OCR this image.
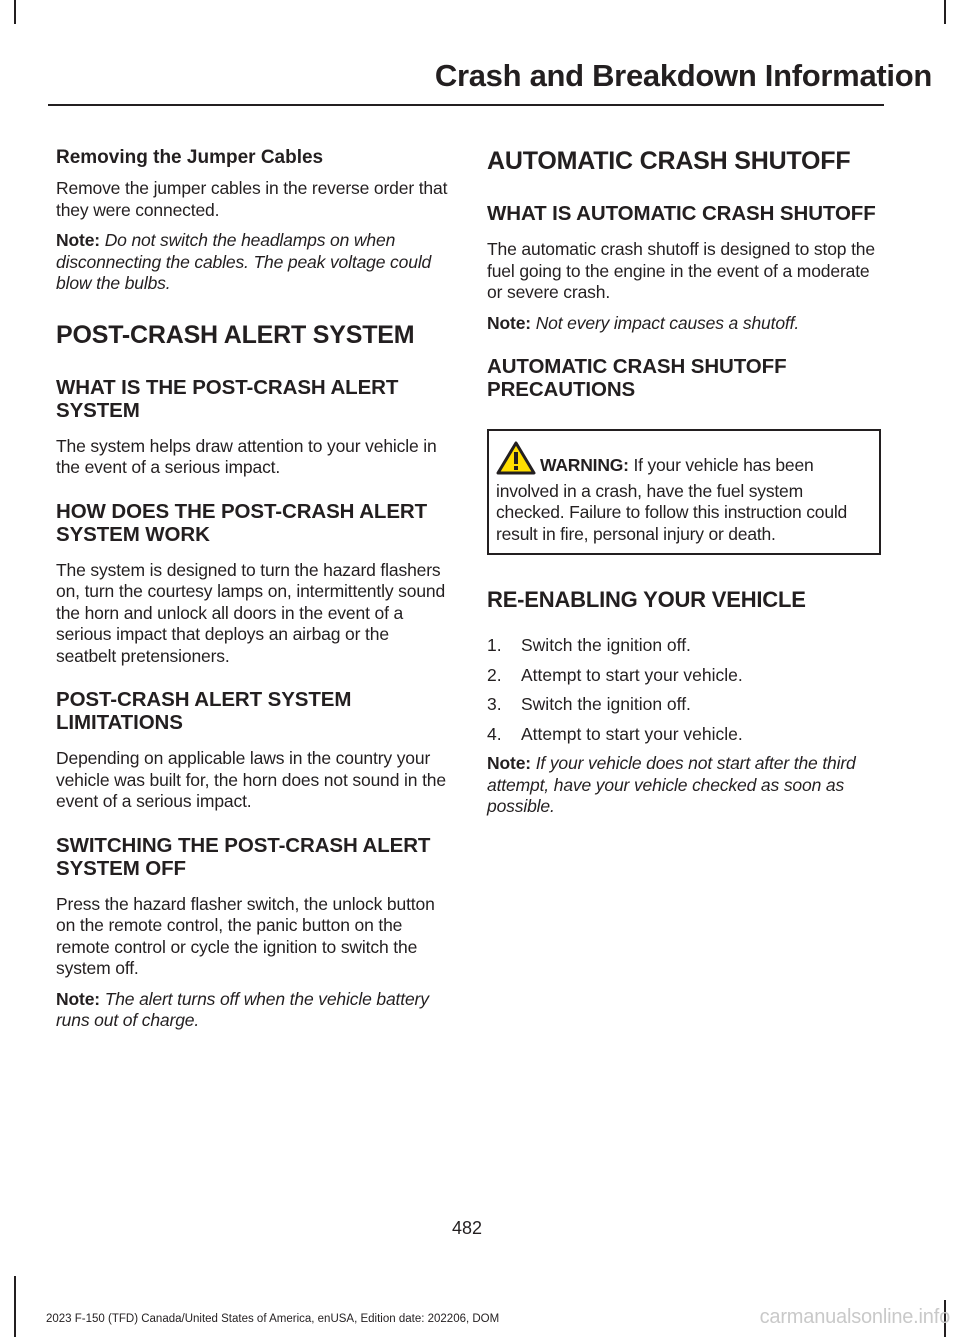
Crash and Breakdown Information
Removing the Jumper Cables

Remove the jumper cables in the reverse order that they were connected.

Note: Do not switch the headlamps on when disconnecting the cables. The peak voltage could blow the bulbs.

POST-CRASH ALERT SYSTEM
WHAT IS THE POST-CRASH ALERT SYSTEM

The system helps draw attention to your vehicle in the event of a serious impact.

HOW DOES THE POST-CRASH ALERT SYSTEM WORK

The system is designed to turn the hazard flashers on, turn the courtesy lamps on, intermittently sound the horn and unlock all doors in the event of a serious impact that deploys an airbag or the seatbelt pretensioners.

POST-CRASH ALERT SYSTEM LIMITATIONS

Depending on applicable laws in the country your vehicle was built for, the horn does not sound in the event of a serious impact.

SWITCHING THE POST-CRASH ALERT SYSTEM OFF

Press the hazard flasher switch, the unlock button on the remote control, the panic button on the remote control or cycle the ignition to switch the system off.

Note: The alert turns off when the vehicle battery runs out of charge.

AUTOMATIC CRASH SHUTOFF
WHAT IS AUTOMATIC CRASH SHUTOFF

The automatic crash shutoff is designed to stop the fuel going to the engine in the event of a moderate or severe crash.

Note: Not every impact causes a shutoff.

AUTOMATIC CRASH SHUTOFF PRECAUTIONS
WARNING: If your vehicle has been involved in a crash, have the fuel system checked. Failure to follow this instruction could result in fire, personal injury or death.
RE-ENABLING YOUR VEHICLE
1.	Switch the ignition off.
2.	Attempt to start your vehicle.
3.	Switch the ignition off.
4.	Attempt to start your vehicle.

Note: If your vehicle does not start after the third attempt, have your vehicle checked as soon as possible.

482
2023 F-150 (TFD) Canada/United States of America, enUSA, Edition date: 202206, DOM	carmanualsonline.info
